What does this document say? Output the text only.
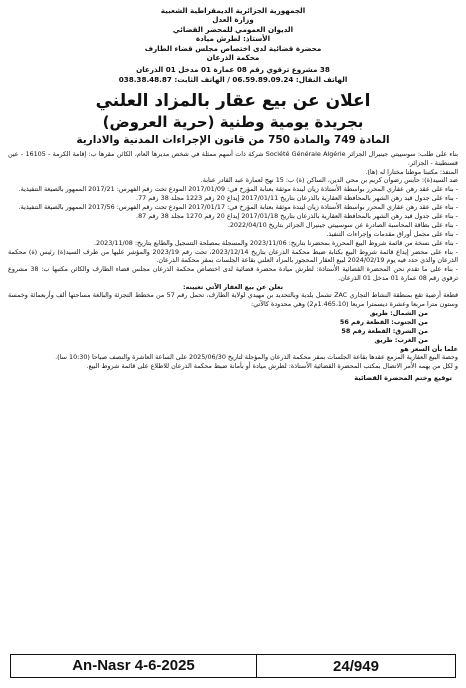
الجمهورية الجزائرية الديمقراطية الشعبية
وزارة العدل
الديوان العمومي للمحضر القضائي
الأستاذ: لطرش ميادة
محضرة قضائية لدى اختصاص مجلس قضاء الطارف
محكمة الذرعان
38 مشروع ترقوي رقم 08 عمارة 01 مدخل 01 الذرعان
الهاتف النقال: 06.59.89.09.24 / الهاتف الثابت: 038.38.48.87
اعلان عن بيع عقار بالمزاد العلني
بجريدة يومية وطنية (حرية العروض)
المادة 749 والمادة 750 من قانون الإجراءات المدنية والادارية

بناء على طلب: سوسييتي جينيرال الجزائر Société Générale Algérie شركة ذات أسهم ممثلة في شخص مديرها العام، الكائن مقرها ب: إقامة الكرمة - 16105 - عين قسنطينة - الجزائر.

المنفذ: مكتبنا موطنا مختارا له (ها).

ضد السيد(ة): حابس رضوان كريم بن محي الدين، الساكن (ة) ب: 15 نهج لعمارة عبد القادر عنابة.

- بناء على عقد رهن عقاري المحرر بواسطة الأستاذة زيان ليندة موثقة بعنابة المؤرخ في: 2017/01/09 المودع تحت رقم الفهرس: 2017/21 الممهور بالصيغة التنفيذية.

- بناء على جدول قيد رهن الشهر بالمحافظة العقارية بالذرعان بتاريخ 2017/01/11 إيداع 20 رقم 1223 مجلد 38 رقم 77.

- بناء على عقد رهن عقاري المحرر بواسطة الأستاذة زيان ليندة موثقة بعنابة المؤرخ في: 2017/01/17 المودع تحت رقم الفهرس: 2017/56 الممهور بالصيغة التنفيذية.

- بناء على جدول قيد رهن الشهر بالمحافظة العقارية بالذرعان بتاريخ 2017/01/18 إيداع 20 رقم 1270 مجلد 38 رقم 87.

- بناء على بطاقة المحاسبة الصادرة عن سوسييتي جينيرال الجزائر بتاريخ 2022/04/10.

- بناء على مجمل أوراق مقدمات وإجراءات التنفيذ.

- بناء على نسخة من قائمة شروط البيع المحررة بمحضرنا بتاريخ: 2023/11/06 والمسجلة بمصلحة التسجيل والطابع بتاريخ: 2023/11/08.

- بناء على محضر إيداع قائمة شروط البيع بكتابة ضبط محكمة الذرعان بتاريخ 2023/12/14، تحت رقم 2023/19 والمؤشر عليها من طرف السيد(ة) رئيس (ة) محكمة الذرعان والذي حدد فيه يوم 2024/02/19 لبيع العقار المحجوز بالمزاد العلني بقاعة الجلسات بمقر محكمة الذرعان.

- بناء على ما تقدم نحن المحضرة القضائية الأستاذة: لطرش ميادة محضرة قضائية لدى اختصاص محكمة الذرعان مجلس قضاء الطارف والكائن مكتبها ب: 38 مشروع ترقوي رقم 08 عمارة 01 مدخل 01 الذرعان.

نعلن عن بيع العقار الآتي تعيينه:

قطعة أرضية تقع بمنطقة النشاط التجاري ZAC تشمل بلدية وبالتحديد بن مهيدي لولاية الطارف، تحمل رقم 57 من مخطط التجزئة والبالغة مساحتها ألف وأربعمائة وخمسة وستون مترا مربعا وعشرة ديسمترا مربعا (1.465،10م2) وهي محدودة كالآتي:

من الشمال: طريق

من الجنوب: القطعة رقم 56

من الشرق: القطعة رقم 58

من الغرب: طريق

علما بأن السعر هو

وحصة البيع العقارية المزمع عقدها بقاعة الجلسات بمقر محكمة الذرعان والمؤجلة لتاريخ 2025/06/30 على الساعة العاشرة والنصف صباحا (10:30 سا).

و لكل من يهمه الأمر الاتصال بمكتب المحضرة القضائية الأستاذة: لطرش ميادة أو بأمانة ضبط محكمة الذرعان للاطلاع على قائمة شروط البيع.

توقيع وختم المحضرة القضائية
An-Nasr 4-6-2025	24/949
